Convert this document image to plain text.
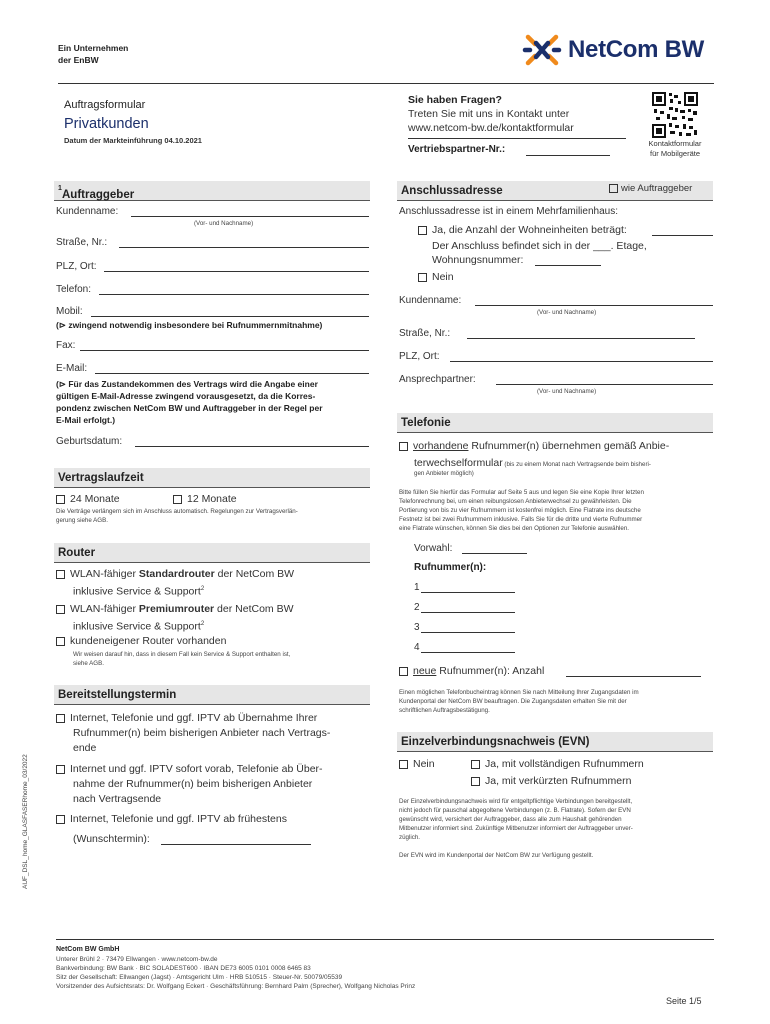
Ein Unternehmen
der EnBW	NetCom BW
Auftragsformular
Privatkunden
Datum der Markteinführung 04.10.2021
Sie haben Fragen?
Treten Sie mit uns in Kontakt unter
www.netcom-bw.de/kontaktformular
Vertriebspartner-Nr.:
Kontaktformular
für Mobilgeräte
Auftraggeber
$^1$
Kundenname:
(Vor- und Nachname)
Straße, Nr.:
PLZ, Ort:
Telefon:
Mobil:
(⊳ zwingend notwendig insbesondere bei Rufnummernmitnahme)
Fax:
E-Mail:
(⊳ Für das Zustandekommen des Vertrags wird die Angabe einer
gültigen E-Mail-Adresse zwingend vorausgesetzt, da die Korres-
pondenz zwischen NetCom BW und Auftraggeber in der Regel per
E-Mail erfolgt.)
Geburtsdatum:
Vertragslaufzeit
24 Monate	12 Monate
Die Verträge verlängern sich im Anschluss automatisch. Regelungen zur Vertragsverlän-
gerung siehe AGB.
Router
WLAN-fähiger Standardrouter der NetCom BW
inklusive Service & Support$^2$
WLAN-fähiger Premiumrouter der NetCom BW
inklusive Service & Support$^2$
kundeneigener Router vorhanden
Wir weisen darauf hin, dass in diesem Fall kein Service & Support enthalten ist,
siehe AGB.
Bereitstellungstermin
Internet, Telefonie und ggf. IPTV ab Übernahme Ihrer
Rufnummer(n) beim bisherigen Anbieter nach Vertrags-
ende
Internet und ggf. IPTV sofort vorab, Telefonie ab Über-
nahme der Rufnummer(n) beim bisherigen Anbieter
nach Vertragsende
Internet, Telefonie und ggf. IPTV ab frühestens
(Wunschtermin):
Anschlussadresse	wie Auftraggeber
Anschlussadresse ist in einem Mehrfamilienhaus:
Ja, die Anzahl der Wohneinheiten beträgt:
Der Anschluss befindet sich in der ___. Etage,
Wohnungsnummer:
Nein
Kundenname:
(Vor- und Nachname)
Straße, Nr.:
PLZ, Ort:
Ansprechpartner:
(Vor- und Nachname)
Telefonie
vorhandene Rufnummer(n) übernehmen gemäß Anbie-
terwechselformular (bis zu einem Monat nach Vertragsende beim bisheri-
gen Anbieter möglich)
Bitte füllen Sie hierfür das Formular auf Seite 5 aus und legen Sie eine Kopie Ihrer letzten
Telefonrechnung bei, um einen reibungslosen Anbieterwechsel zu gewährleisten. Die
Portierung von bis zu vier Rufnummern ist kostenfrei möglich. Eine Flatrate ins deutsche
Festnetz ist bei zwei Rufnummern inklusive. Falls Sie für die dritte und vierte Rufnummer
eine Flatrate wünschen, können Sie dies bei den Optionen zur Telefonie auswählen.
Vorwahl:
Rufnummer(n):
1
2
3
4
neue Rufnummer(n): Anzahl
Einen möglichen Telefonbucheintrag können Sie nach Mitteilung Ihrer Zugangsdaten im
Kundenportal der NetCom BW beauftragen. Die Zugangsdaten erhalten Sie mit der
schriftlichen Auftragsbestätigung.
Einzelverbindungsnachweis (EVN)
Nein	Ja, mit vollständigen Rufnummern
Ja, mit verkürzten Rufnummern
Der Einzelverbindungsnachweis wird für entgeltpflichtige Verbindungen bereitgestellt,
nicht jedoch für pauschal abgegoltene Verbindungen (z. B. Flatrate). Sofern der EVN
gewünscht wird, versichert der Auftraggeber, dass alle zum Haushalt gehörenden
Mitbenutzer informiert sind. Zukünftige Mitbenutzer informiert der Auftraggeber unver-
züglich.
Der EVN wird im Kundenportal der NetCom BW zur Verfügung gestellt.
AUF_DSL_home_GLASFASERhome_03/2022
NetCom BW GmbH
Unterer Brühl 2 · 73479 Ellwangen · www.netcom-bw.de
Bankverbindung: BW Bank · BIC SOLADEST600 · IBAN DE73 6005 0101 0008 6465 83
Sitz der Gesellschaft: Ellwangen (Jagst) · Amtsgericht Ulm · HRB 510515 · Steuer-Nr. 50079/05539
Vorsitzender des Aufsichtsrats: Dr. Wolfgang Eckert · Geschäftsführung: Bernhard Palm (Sprecher), Wolfgang Nicholas Prinz
Seite 1/5
